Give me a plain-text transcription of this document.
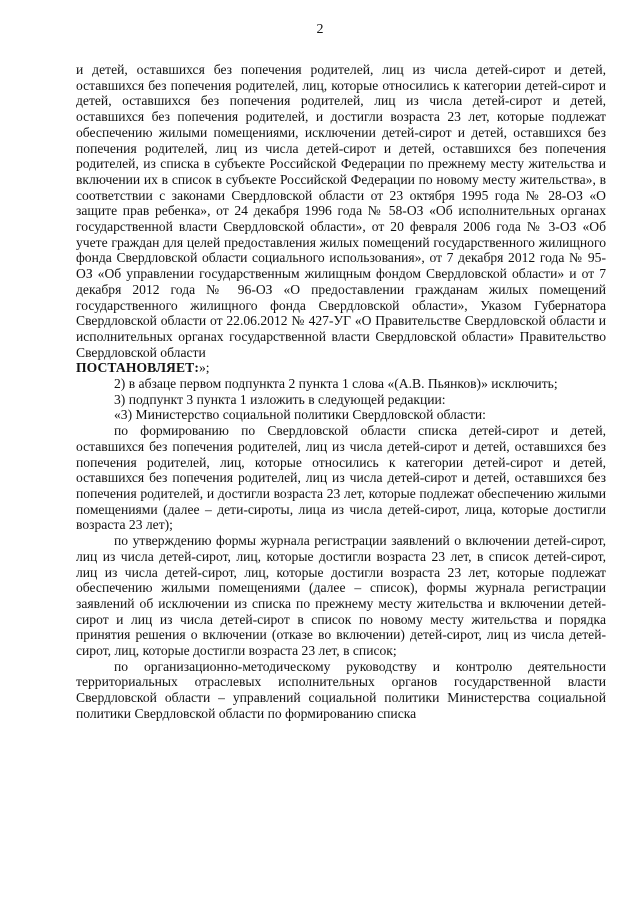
2

и детей, оставшихся без попечения родителей, лиц из числа детей-сирот и детей, оставшихся без попечения родителей, лиц, которые относились к категории детей-сирот и детей, оставшихся без попечения родителей, лиц из числа детей-сирот и детей, оставшихся без попечения родителей, и достигли возраста 23 лет, которые подлежат обеспечению жилыми помещениями, исключении детей-сирот и детей, оставшихся без попечения родителей, лиц из числа детей-сирот и детей, оставшихся без попечения родителей, из списка в субъекте Российской Федерации по прежнему месту жительства и включении их в список в субъекте Российской Федерации по новому месту жительства», в соответствии с законами Свердловской области от 23 октября 1995 года № 28-ОЗ «О защите прав ребенка», от 24 декабря 1996 года № 58-ОЗ «Об исполнительных органах государственной власти Свердловской области», от 20 февраля 2006 года № 3-ОЗ «Об учете граждан для целей предоставления жилых помещений государственного жилищного фонда Свердловской области социального использования», от 7 декабря 2012 года № 95-ОЗ «Об управлении государственным жилищным фондом Свердловской области» и от 7 декабря 2012 года № 96-ОЗ «О предоставлении гражданам жилых помещений государственного жилищного фонда Свердловской области», Указом Губернатора Свердловской области от 22.06.2012 № 427-УГ «О Правительстве Свердловской области и исполнительных органах государственной власти Свердловской области» Правительство Свердловской области

ПОСТАНОВЛЯЕТ:»;

2) в абзаце первом подпункта 2 пункта 1 слова «(А.В. Пьянков)» исключить;

3) подпункт 3 пункта 1 изложить в следующей редакции:

«3) Министерство социальной политики Свердловской области:

по формированию по Свердловской области списка детей-сирот и детей, оставшихся без попечения родителей, лиц из числа детей-сирот и детей, оставшихся без попечения родителей, лиц, которые относились к категории детей-сирот и детей, оставшихся без попечения родителей, лиц из числа детей-сирот и детей, оставшихся без попечения родителей, и достигли возраста 23 лет, которые подлежат обеспечению жилыми помещениями (далее – дети-сироты, лица из числа детей-сирот, лица, которые достигли возраста 23 лет);

по утверждению формы журнала регистрации заявлений о включении детей-сирот, лиц из числа детей-сирот, лиц, которые достигли возраста 23 лет, в список детей-сирот, лиц из числа детей-сирот, лиц, которые достигли возраста 23 лет, которые подлежат обеспечению жилыми помещениями (далее – список), формы журнала регистрации заявлений об исключении из списка по прежнему месту жительства и включении детей-сирот и лиц из числа детей-сирот в список по новому месту жительства и порядка принятия решения о включении (отказе во включении) детей-сирот, лиц из числа детей-сирот, лиц, которые достигли возраста 23 лет, в список;

по организационно-методическому руководству и контролю деятельности территориальных отраслевых исполнительных органов государственной власти Свердловской области – управлений социальной политики Министерства социальной политики Свердловской области по формированию списка
